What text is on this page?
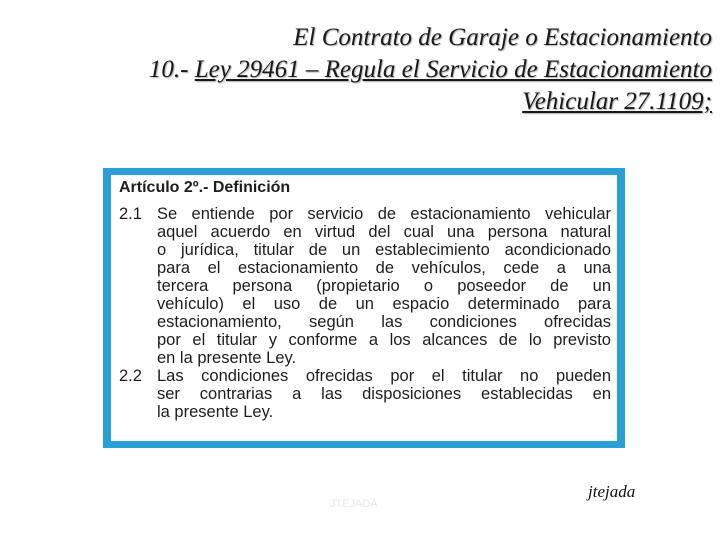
El Contrato de Garaje o Estacionamiento
10.- Ley 29461 – Regula el Servicio de Estacionamiento
Vehicular 27.1109;
Artículo 2º.- Definición
2.1 Se entiende por servicio de estacionamiento vehicular
aquel acuerdo en virtud del cual una persona natural
o jurídica, titular de un establecimiento acondicionado
para el estacionamiento de vehículos, cede a una
tercera persona (propietario o poseedor de un
vehículo) el uso de un espacio determinado para
estacionamiento, según las condiciones ofrecidas
por el titular y conforme a los alcances de lo previsto
en la presente Ley.
2.2 Las condiciones ofrecidas por el titular no pueden
ser contrarias a las disposiciones establecidas en
la presente Ley.
JTEJADA
jtejada
